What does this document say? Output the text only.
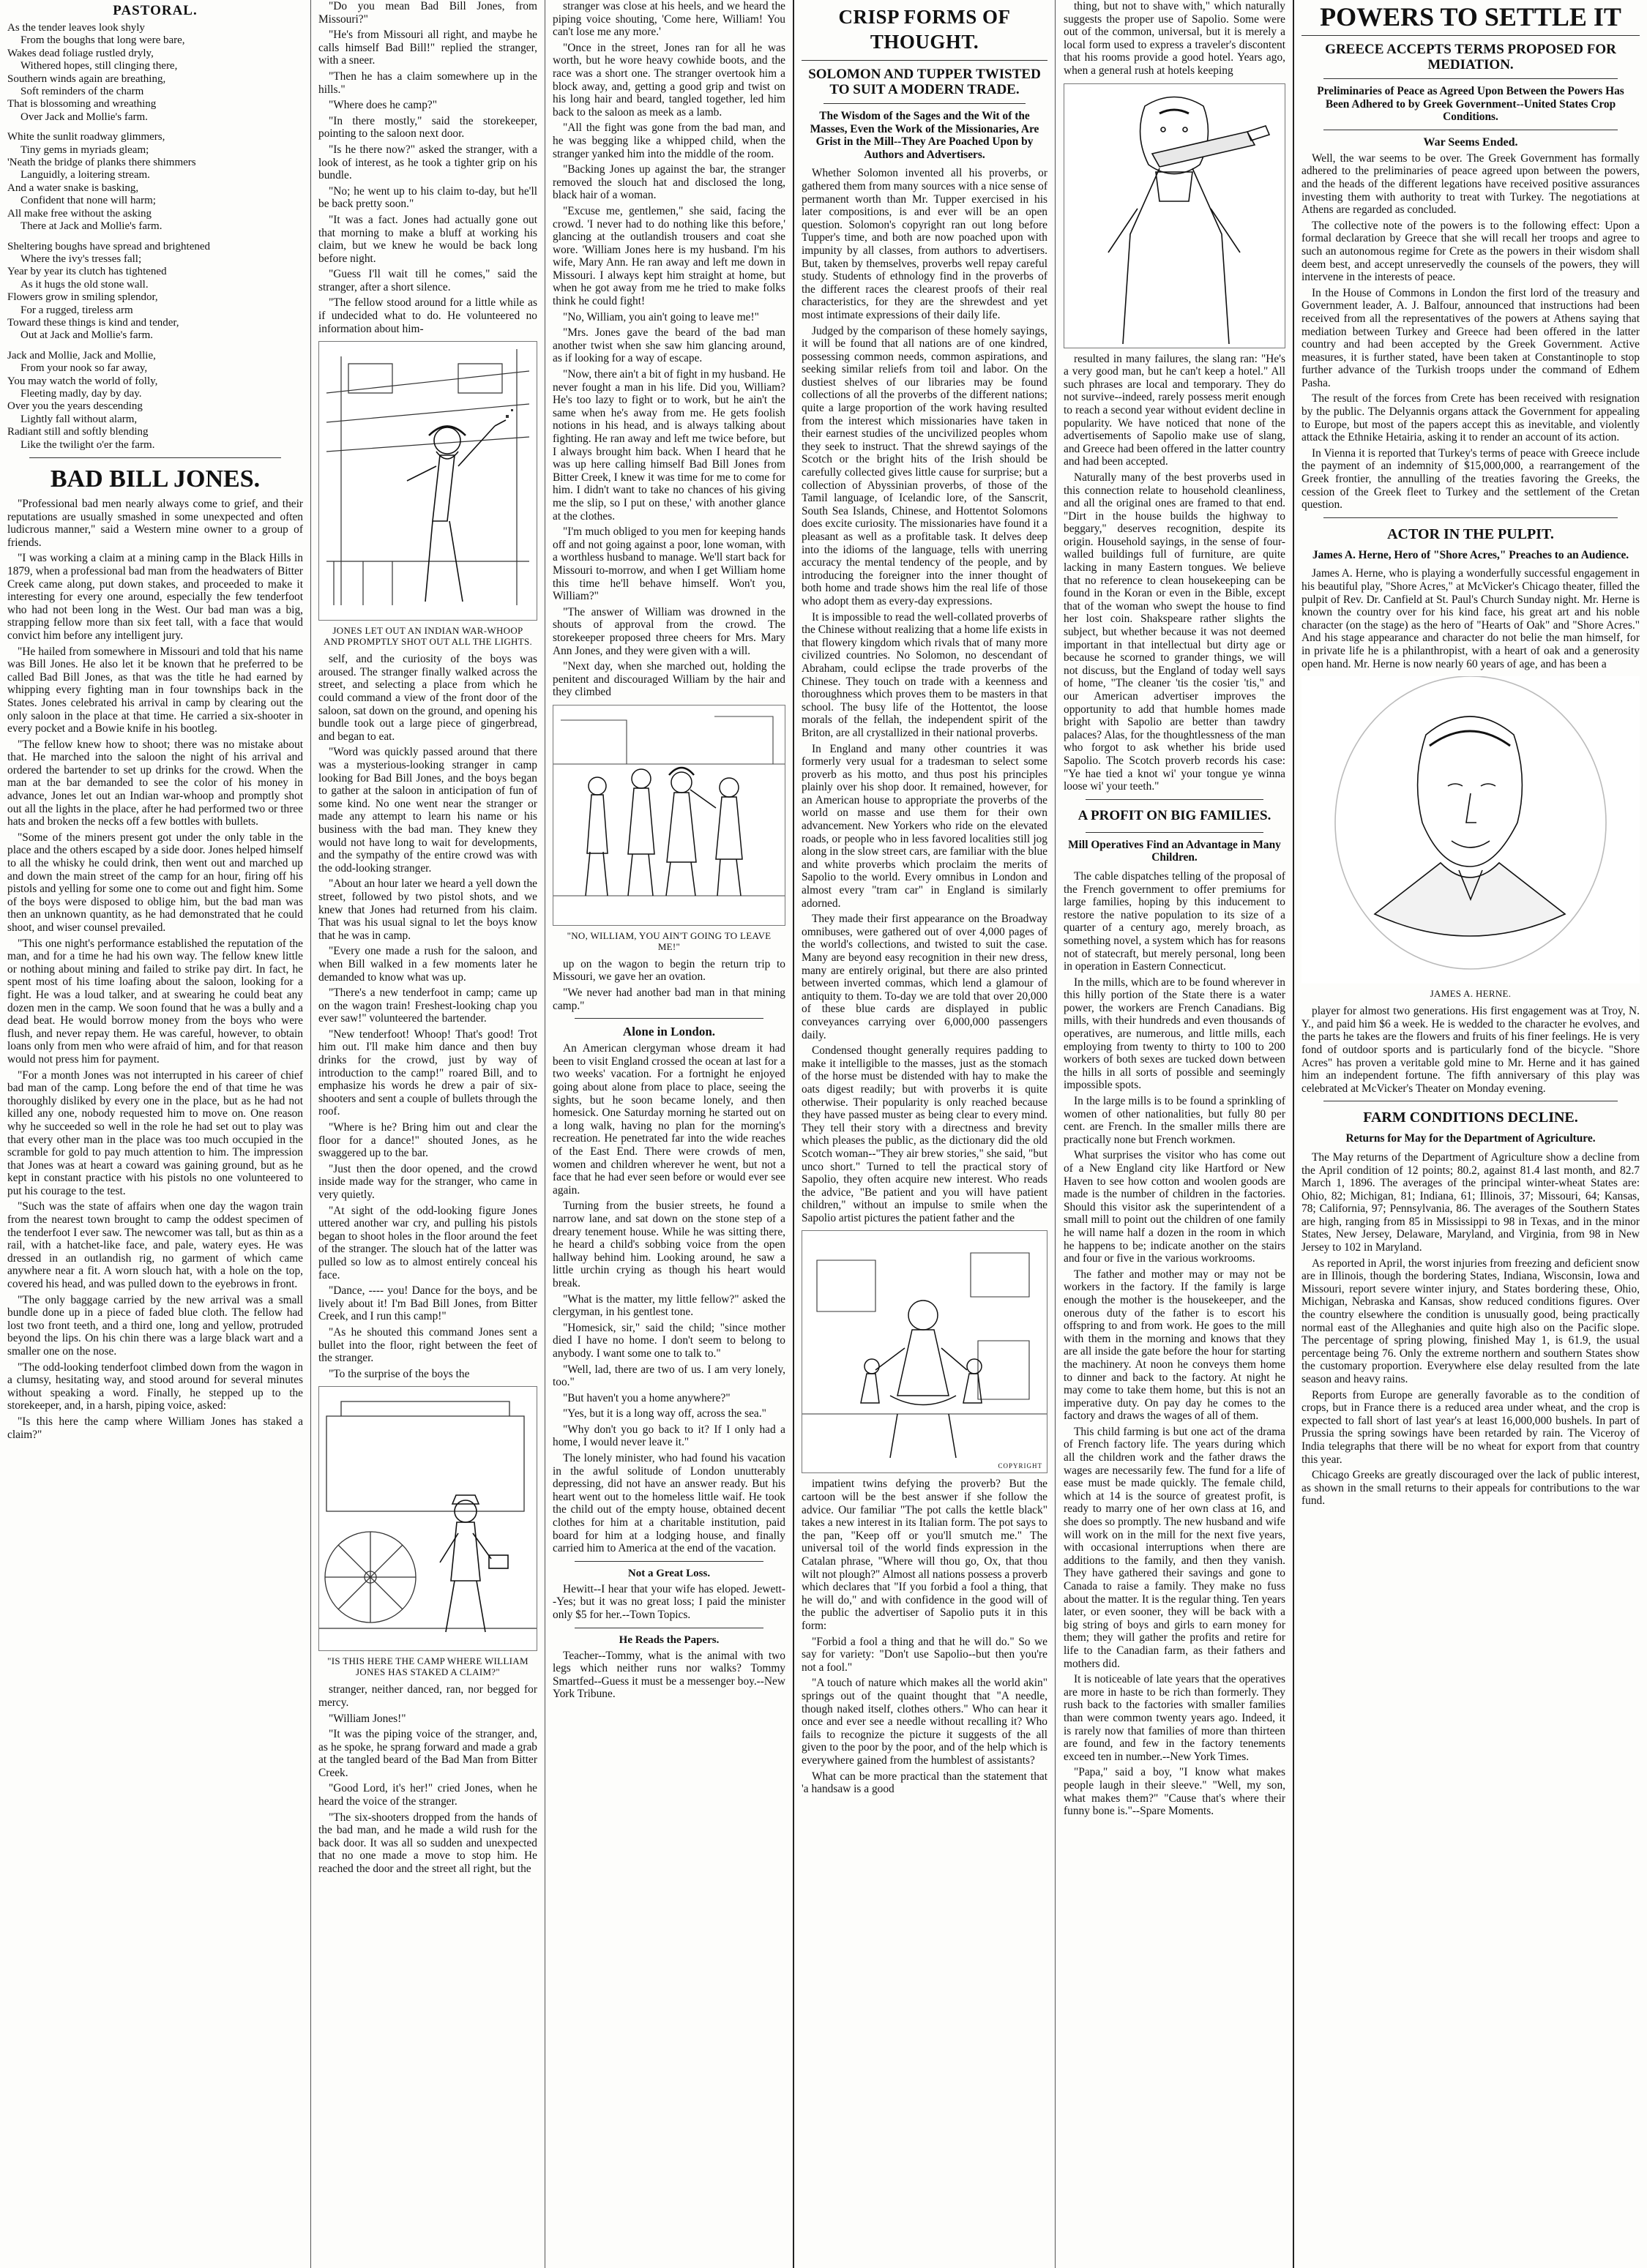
PASTORAL.
As the tender leaves look shyly
From the boughs that long were bare,
Wakes dead foliage rustled dryly,
Withered hopes, still clinging there,
Southern winds again are breathing,
Soft reminders of the charm
That is blossoming and wreathing
Over Jack and Mollie's farm.
White the sunlit roadway glimmers,
Tiny gems in myriads gleam;
'Neath the bridge of planks there shimmers
Languidly, a loitering stream.
And a water snake is basking,
Confident that none will harm;
All make free without the asking
There at Jack and Mollie's farm.
Sheltering boughs have spread and brightened
Where the ivy's tresses fall;
Year by year its clutch has tightened
As it hugs the old stone wall.
Flowers grow in smiling splendor,
For a rugged, tireless arm
Toward these things is kind and tender,
Out at Jack and Mollie's farm.
Jack and Mollie, Jack and Mollie,
From your nook so far away,
You may watch the world of folly,
Fleeting madly, day by day.
Over you the years descending
Lightly fall without alarm,
Radiant still and softly blending
Like the twilight o'er the farm.
BAD BILL JONES.

"Professional bad men nearly always come to grief, and their reputations are usually smashed in some unexpected and often ludicrous manner," said a Western mine owner to a group of friends.

"I was working a claim at a mining camp in the Black Hills in 1879, when a professional bad man from the headwaters of Bitter Creek came along, put down stakes, and proceeded to make it interesting for every one around, especially the few tenderfoot who had not been long in the West. Our bad man was a big, strapping fellow more than six feet tall, with a face that would convict him before any intelligent jury.

"He hailed from somewhere in Missouri and told that his name was Bill Jones. He also let it be known that he preferred to be called Bad Bill Jones, as that was the title he had earned by whipping every fighting man in four townships back in the States. Jones celebrated his arrival in camp by clearing out the only saloon in the place at that time. He carried a six-shooter in every pocket and a Bowie knife in his bootleg.

"The fellow knew how to shoot; there was no mistake about that. He marched into the saloon the night of his arrival and ordered the bartender to set up drinks for the crowd. When the man at the bar demanded to see the color of his money in advance, Jones let out an Indian war-whoop and promptly shot out all the lights in the place, after he had performed two or three hats and broken the necks off a few bottles with bullets.

"Some of the miners present got under the only table in the place and the others escaped by a side door. Jones helped himself to all the whisky he could drink, then went out and marched up and down the main street of the camp for an hour, firing off his pistols and yelling for some one to come out and fight him. Some of the boys were disposed to oblige him, but the bad man was then an unknown quantity, as he had demonstrated that he could shoot, and wiser counsel prevailed.

"This one night's performance established the reputation of the man, and for a time he had his own way. The fellow knew little or nothing about mining and failed to strike pay dirt. In fact, he spent most of his time loafing about the saloon, looking for a fight. He was a loud talker, and at swearing he could beat any dozen men in the camp. We soon found that he was a bully and a dead beat. He would borrow money from the boys who were flush, and never repay them. He was careful, however, to obtain loans only from men who were afraid of him, and for that reason would not press him for payment.

"For a month Jones was not interrupted in his career of chief bad man of the camp. Long before the end of that time he was thoroughly disliked by every one in the place, but as he had not killed any one, nobody requested him to move on. One reason why he succeeded so well in the role he had set out to play was that every other man in the place was too much occupied in the scramble for gold to pay much attention to him. The impression that Jones was at heart a coward was gaining ground, but as he kept in constant practice with his pistols no one volunteered to put his courage to the test.

"Such was the state of affairs when one day the wagon train from the nearest town brought to camp the oddest specimen of the tenderfoot I ever saw. The newcomer was tall, but as thin as a rail, with a hatchet-like face, and pale, watery eyes. He was dressed in an outlandish rig, no garment of which came anywhere near a fit. A worn slouch hat, with a hole on the top, covered his head, and was pulled down to the eyebrows in front.

"The only baggage carried by the new arrival was a small bundle done up in a piece of faded blue cloth. The fellow had lost two front teeth, and a third one, long and yellow, protruded beyond the lips. On his chin there was a large black wart and a smaller one on the nose.

"The odd-looking tenderfoot climbed down from the wagon in a clumsy, hesitating way, and stood around for several minutes without speaking a word. Finally, he stepped up to the storekeeper, and, in a harsh, piping voice, asked:

"Is this here the camp where William Jones has staked a claim?"

"Do you mean Bad Bill Jones, from Missouri?"

"He's from Missouri all right, and maybe he calls himself Bad Bill!" replied the stranger, with a sneer.

"Then he has a claim somewhere up in the hills."

"Where does he camp?"

"In there mostly," said the storekeeper, pointing to the saloon next door.

"Is he there now?" asked the stranger, with a look of interest, as he took a tighter grip on his bundle.

"No; he went up to his claim to-day, but he'll be back pretty soon."

"It was a fact. Jones had actually gone out that morning to make a bluff at working his claim, but we knew he would be back long before night.

"Guess I'll wait till he comes," said the stranger, after a short silence.

"The fellow stood around for a little while as if undecided what to do. He volunteered no information about him-

JONES LET OUT AN INDIAN WAR-WHOOP AND PROMPTLY SHOT OUT ALL THE LIGHTS.

self, and the curiosity of the boys was aroused. The stranger finally walked across the street, and selecting a place from which he could command a view of the front door of the saloon, sat down on the ground, and opening his bundle took out a large piece of gingerbread, and began to eat.

"Word was quickly passed around that there was a mysterious-looking stranger in camp looking for Bad Bill Jones, and the boys began to gather at the saloon in anticipation of fun of some kind. No one went near the stranger or made any attempt to learn his name or his business with the bad man. They knew they would not have long to wait for developments, and the sympathy of the entire crowd was with the odd-looking stranger.

"About an hour later we heard a yell down the street, followed by two pistol shots, and we knew that Jones had returned from his claim. That was his usual signal to let the boys know that he was in camp.

"Every one made a rush for the saloon, and when Bill walked in a few moments later he demanded to know what was up.

"There's a new tenderfoot in camp; came up on the wagon train! Freshest-looking chap you ever saw!" volunteered the bartender.

"New tenderfoot! Whoop! That's good! Trot him out. I'll make him dance and then buy drinks for the crowd, just by way of introduction to the camp!" roared Bill, and to emphasize his words he drew a pair of six-shooters and sent a couple of bullets through the roof.

"Where is he? Bring him out and clear the floor for a dance!" shouted Jones, as he swaggered up to the bar.

"Just then the door opened, and the crowd inside made way for the stranger, who came in very quietly.

"At sight of the odd-looking figure Jones uttered another war cry, and pulling his pistols began to shoot holes in the floor around the feet of the stranger. The slouch hat of the latter was pulled so low as to almost entirely conceal his face.

"Dance, ---- you! Dance for the boys, and be lively about it! I'm Bad Bill Jones, from Bitter Creek, and I run this camp!"

"As he shouted this command Jones sent a bullet into the floor, right between the feet of the stranger.

"To the surprise of the boys the

"IS THIS HERE THE CAMP WHERE WILLIAM JONES HAS STAKED A CLAIM?"

stranger, neither danced, ran, nor begged for mercy.

"William Jones!"

"It was the piping voice of the stranger, and, as he spoke, he sprang forward and made a grab at the tangled beard of the Bad Man from Bitter Creek.

"Good Lord, it's her!" cried Jones, when he heard the voice of the stranger.

"The six-shooters dropped from the hands of the bad man, and he made a wild rush for the back door. It was all so sudden and unexpected that no one made a move to stop him. He reached the door and the street all right, but the

stranger was close at his heels, and we heard the piping voice shouting, 'Come here, William! You can't lose me any more.'

"Once in the street, Jones ran for all he was worth, but he wore heavy cowhide boots, and the race was a short one. The stranger overtook him a block away, and, getting a good grip and twist on his long hair and beard, tangled together, led him back to the saloon as meek as a lamb.

"All the fight was gone from the bad man, and he was begging like a whipped child, when the stranger yanked him into the middle of the room.

"Backing Jones up against the bar, the stranger removed the slouch hat and disclosed the long, black hair of a woman.

"Excuse me, gentlemen," she said, facing the crowd. 'I never had to do nothing like this before,' glancing at the outlandish trousers and coat she wore. 'William Jones here is my husband. I'm his wife, Mary Ann. He ran away and left me down in Missouri. I always kept him straight at home, but when he got away from me he tried to make folks think he could fight!

"No, William, you ain't going to leave me!"

"Mrs. Jones gave the beard of the bad man another twist when she saw him glancing around, as if looking for a way of escape.

"Now, there ain't a bit of fight in my husband. He never fought a man in his life. Did you, William? He's too lazy to fight or to work, but he ain't the same when he's away from me. He gets foolish notions in his head, and is always talking about fighting. He ran away and left me twice before, but I always brought him back. When I heard that he was up here calling himself Bad Bill Jones from Bitter Creek, I knew it was time for me to come for him. I didn't want to take no chances of his giving me the slip, so I put on these,' with another glance at the clothes.

"I'm much obliged to you men for keeping hands off and not going against a poor, lone woman, with a worthless husband to manage. We'll start back for Missouri to-morrow, and when I get William home this time he'll behave himself. Won't you, William?"

"The answer of William was drowned in the shouts of approval from the crowd. The storekeeper proposed three cheers for Mrs. Mary Ann Jones, and they were given with a will.

"Next day, when she marched out, holding the penitent and discouraged William by the hair and they climbed

"NO, WILLIAM, YOU AIN'T GOING TO LEAVE ME!"

up on the wagon to begin the return trip to Missouri, we gave her an ovation.

"We never had another bad man in that mining camp."

Alone in London.

An American clergyman whose dream it had been to visit England crossed the ocean at last for a two weeks' vacation. For a fortnight he enjoyed going about alone from place to place, seeing the sights, but he soon became lonely, and then homesick. One Saturday morning he started out on a long walk, having no plan for the morning's recreation. He penetrated far into the wide reaches of the East End. There were crowds of men, women and children wherever he went, but not a face that he had ever seen before or would ever see again.

Turning from the busier streets, he found a narrow lane, and sat down on the stone step of a dreary tenement house. While he was sitting there, he heard a child's sobbing voice from the open hallway behind him. Looking around, he saw a little urchin crying as though his heart would break.

"What is the matter, my little fellow?" asked the clergyman, in his gentlest tone.

"Homesick, sir," said the child; "since mother died I have no home. I don't seem to belong to anybody. I want some one to talk to."

"Well, lad, there are two of us. I am very lonely, too."

"But haven't you a home anywhere?"

"Yes, but it is a long way off, across the sea."

"Why don't you go back to it? If I only had a home, I would never leave it."

The lonely minister, who had found his vacation in the awful solitude of London unutterably depressing, did not have an answer ready. But his heart went out to the homeless little waif. He took the child out of the empty house, obtained decent clothes for him at a charitable institution, paid board for him at a lodging house, and finally carried him to America at the end of the vacation.

Not a Great Loss.

Hewitt--I hear that your wife has eloped. Jewett--Yes; but it was no great loss; I paid the minister only $5 for her.--Town Topics.

He Reads the Papers.

Teacher--Tommy, what is the animal with two legs which neither runs nor walks? Tommy Smartfed--Guess it must be a messenger boy.--New York Tribune.

CRISP FORMS OF THOUGHT.
SOLOMON AND TUPPER TWISTED TO SUIT A MODERN TRADE.
The Wisdom of the Sages and the Wit of the Masses, Even the Work of the Missionaries, Are Grist in the Mill--They Are Poached Upon by Authors and Advertisers.

Whether Solomon invented all his proverbs, or gathered them from many sources with a nice sense of permanent worth than Mr. Tupper exercised in his later compositions, is and ever will be an open question. Solomon's copyright ran out long before Tupper's time, and both are now poached upon with impunity by all classes, from authors to advertisers. But, taken by themselves, proverbs well repay careful study. Students of ethnology find in the proverbs of the different races the clearest proofs of their real characteristics, for they are the shrewdest and yet most intimate expressions of their daily life.

Judged by the comparison of these homely sayings, it will be found that all nations are of one kindred, possessing common needs, common aspirations, and seeking similar reliefs from toil and labor. On the dustiest shelves of our libraries may be found collections of all the proverbs of the different nations; quite a large proportion of the work having resulted from the interest which missionaries have taken in their earnest studies of the uncivilized peoples whom they seek to instruct. That the shrewd sayings of the Scotch or the bright hits of the Irish should be carefully collected gives little cause for surprise; but a collection of Abyssinian proverbs, of those of the Tamil language, of Icelandic lore, of the Sanscrit, South Sea Islands, Chinese, and Hottentot Solomons does excite curiosity. The missionaries have found it a pleasant as well as a profitable task. It delves deep into the idioms of the language, tells with unerring accuracy the mental tendency of the people, and by introducing the foreigner into the inner thought of both home and trade shows him the real life of those who adopt them as every-day expressions.

It is impossible to read the well-collated proverbs of the Chinese without realizing that a home life exists in that flowery kingdom which rivals that of many more civilized countries. No Solomon, no descendant of Abraham, could eclipse the trade proverbs of the Chinese. They touch on trade with a keenness and thoroughness which proves them to be masters in that school. The busy life of the Hottentot, the loose morals of the fellah, the independent spirit of the Briton, are all crystallized in their national proverbs.

In England and many other countries it was formerly very usual for a tradesman to select some proverb as his motto, and thus post his principles plainly over his shop door. It remained, however, for an American house to appropriate the proverbs of the world on masse and use them for their own advancement. New Yorkers who ride on the elevated roads, or people who in less favored localities still jog along in the slow street cars, are familiar with the blue and white proverbs which proclaim the merits of Sapolio to the world. Every omnibus in London and almost every "tram car" in England is similarly adorned.

They made their first appearance on the Broadway omnibuses, were gathered out of over 4,000 pages of the world's collections, and twisted to suit the case. Many are beyond easy recognition in their new dress, many are entirely original, but there are also printed between inverted commas, which lend a glamour of antiquity to them. To-day we are told that over 20,000 of these blue cards are displayed in public conveyances carrying over 6,000,000 passengers daily.

Condensed thought generally requires padding to make it intelligible to the masses, just as the stomach of the horse must be distended with hay to make the oats digest readily; but with proverbs it is quite otherwise. Their popularity is only reached because they have passed muster as being clear to every mind. They tell their story with a directness and brevity which pleases the public, as the dictionary did the old Scotch woman--"They air brew stories," she said, "but unco short." Turned to tell the practical story of Sapolio, they often acquire new interest. Who reads the advice, "Be patient and you will have patient children," without an impulse to smile when the Sapolio artist pictures the patient father and the

COPYRIGHT

impatient twins defying the proverb? But the cartoon will be the best answer if she follow the advice. Our familiar "The pot calls the kettle black" takes a new interest in its Italian form. The pot says to the pan, "Keep off or you'll smutch me." The universal toil of the world finds expression in the Catalan phrase, "Where will thou go, Ox, that thou wilt not plough?" Almost all nations possess a proverb which declares that "If you forbid a fool a thing, that he will do," and with confidence in the good will of the public the advertiser of Sapolio puts it in this form:

"Forbid a fool a thing and that he will do." So we say for variety: "Don't use Sapolio--but then you're not a fool."

"A touch of nature which makes all the world akin" springs out of the quaint thought that "A needle, though naked itself, clothes others." Who can hear it once and ever see a needle without recalling it? Who fails to recognize the picture it suggests of the all given to the poor by the poor, and of the help which is everywhere gained from the humblest of assistants?

What can be more practical than the statement that 'a handsaw is a good

thing, but not to shave with," which naturally suggests the proper use of Sapolio. Some were out of the common, universal, but it is merely a local form used to express a traveler's discontent that his rooms provide a good hotel. Years ago, when a general rush at hotels keeping

resulted in many failures, the slang ran: "He's a very good man, but he can't keep a hotel." All such phrases are local and temporary. They do not survive--indeed, rarely possess merit enough to reach a second year without evident decline in popularity. We have noticed that none of the advertisements of Sapolio make use of slang, and Greece had been offered in the latter country and had been accepted.

Naturally many of the best proverbs used in this connection relate to household cleanliness, and all the original ones are framed to that end. "Dirt in the house builds the highway to beggary," deserves recognition, despite its origin. Household sayings, in the sense of four-walled buildings full of furniture, are quite lacking in many Eastern tongues. We believe that no reference to clean housekeeping can be found in the Koran or even in the Bible, except that of the woman who swept the house to find her lost coin. Shakspeare rather slights the subject, but whether because it was not deemed important in that intellectual but dirty age or because he scorned to grander things, we will not discuss, but the England of today well says of home, "The cleaner 'tis the cosier 'tis," and our American advertiser improves the opportunity to add that humble homes made bright with Sapolio are better than tawdry palaces? Alas, for the thoughtlessness of the man who forgot to ask whether his bride used Sapolio. The Scotch proverb records his case: "Ye hae tied a knot wi' your tongue ye winna loose wi' your teeth."

A PROFIT ON BIG FAMILIES.
Mill Operatives Find an Advantage in Many Children.

The cable dispatches telling of the proposal of the French government to offer premiums for large families, hoping by this inducement to restore the native population to its size of a quarter of a century ago, merely broach, as something novel, a system which has for reasons not of statecraft, but merely personal, long been in operation in Eastern Connecticut.

In the mills, which are to be found wherever in this hilly portion of the State there is a water power, the workers are French Canadians. Big mills, with their hundreds and even thousands of operatives, are numerous, and little mills, each employing from twenty to thirty to 100 to 200 workers of both sexes are tucked down between the hills in all sorts of possible and seemingly impossible spots.

In the large mills is to be found a sprinkling of women of other nationalities, but fully 80 per cent. are French. In the smaller mills there are practically none but French workmen.

What surprises the visitor who has come out of a New England city like Hartford or New Haven to see how cotton and woolen goods are made is the number of children in the factories. Should this visitor ask the superintendent of a small mill to point out the children of one family he will name half a dozen in the room in which he happens to be; indicate another on the stairs and four or five in the various workrooms.

The father and mother may or may not be workers in the factory. If the family is large enough the mother is the housekeeper, and the onerous duty of the father is to escort his offspring to and from work. He goes to the mill with them in the morning and knows that they are all inside the gate before the hour for starting the machinery. At noon he conveys them home to dinner and back to the factory. At night he may come to take them home, but this is not an imperative duty. On pay day he comes to the factory and draws the wages of all of them.

This child farming is but one act of the drama of French factory life. The years during which all the children work and the father draws the wages are necessarily few. The fund for a life of ease must be made quickly. The female child, which at 14 is the source of greatest profit, is ready to marry one of her own class at 16, and she does so promptly. The new husband and wife will work on in the mill for the next five years, with occasional interruptions when there are additions to the family, and then they vanish. They have gathered their savings and gone to Canada to raise a family. They make no fuss about the matter. It is the regular thing. Ten years later, or even sooner, they will be back with a big string of boys and girls to earn money for them; they will gather the profits and retire for life to the Canadian farm, as their fathers and mothers did.

It is noticeable of late years that the operatives are more in haste to be rich than formerly. They rush back to the factories with smaller families than were common twenty years ago. Indeed, it is rarely now that families of more than thirteen are found, and few in the factory tenements exceed ten in number.--New York Times.

"Papa," said a boy, "I know what makes people laugh in their sleeve." "Well, my son, what makes them?" "Cause that's where their funny bone is."--Spare Moments.

POWERS TO SETTLE IT
GREECE ACCEPTS TERMS PROPOSED FOR MEDIATION.
Preliminaries of Peace as Agreed Upon Between the Powers Has Been Adhered to by Greek Government--United States Crop Conditions.
War Seems Ended.

Well, the war seems to be over. The Greek Government has formally adhered to the preliminaries of peace agreed upon between the powers, and the heads of the different legations have received positive assurances investing them with authority to treat with Turkey. The negotiations at Athens are regarded as concluded.

The collective note of the powers is to the following effect: Upon a formal declaration by Greece that she will recall her troops and agree to such an autonomous regime for Crete as the powers in their wisdom shall deem best, and accept unreservedly the counsels of the powers, they will intervene in the interests of peace.

In the House of Commons in London the first lord of the treasury and Government leader, A. J. Balfour, announced that instructions had been received from all the representatives of the powers at Athens saying that mediation between Turkey and Greece had been offered in the latter country and had been accepted by the Greek Government. Active measures, it is further stated, have been taken at Constantinople to stop further advance of the Turkish troops under the command of Edhem Pasha.

The result of the forces from Crete has been received with resignation by the public. The Delyannis organs attack the Government for appealing to Europe, but most of the papers accept this as inevitable, and violently attack the Ethnike Hetairia, asking it to render an account of its action.

In Vienna it is reported that Turkey's terms of peace with Greece include the payment of an indemnity of $15,000,000, a rearrangement of the Greek frontier, the annulling of the treaties favoring the Greeks, the cession of the Greek fleet to Turkey and the settlement of the Cretan question.

ACTOR IN THE PULPIT.
James A. Herne, Hero of "Shore Acres," Preaches to an Audience.

James A. Herne, who is playing a wonderfully successful engagement in his beautiful play, "Shore Acres," at McVicker's Chicago theater, filled the pulpit of Rev. Dr. Canfield at St. Paul's Church Sunday night. Mr. Herne is known the country over for his kind face, his great art and his noble character (on the stage) as the hero of "Hearts of Oak" and "Shore Acres." And his stage appearance and character do not belie the man himself, for in private life he is a philanthropist, with a heart of oak and a generosity open hand. Mr. Herne is now nearly 60 years of age, and has been a

JAMES A. HERNE.

player for almost two generations. His first engagement was at Troy, N. Y., and paid him $6 a week. He is wedded to the character he evolves, and the parts he takes are the flowers and fruits of his finer feelings. He is very fond of outdoor sports and is particularly fond of the bicycle. "Shore Acres" has proven a veritable gold mine to Mr. Herne and it has gained him an independent fortune. The fifth anniversary of this play was celebrated at McVicker's Theater on Monday evening.

FARM CONDITIONS DECLINE.
Returns for May for the Department of Agriculture.

The May returns of the Department of Agriculture show a decline from the April condition of 12 points; 80.2, against 81.4 last month, and 82.7 March 1, 1896. The averages of the principal winter-wheat States are: Ohio, 82; Michigan, 81; Indiana, 61; Illinois, 37; Missouri, 64; Kansas, 78; California, 97; Pennsylvania, 86. The averages of the Southern States are high, ranging from 85 in Mississippi to 98 in Texas, and in the minor States, New Jersey, Delaware, Maryland, and Virginia, from 98 in New Jersey to 102 in Maryland.

As reported in April, the worst injuries from freezing and deficient snow are in Illinois, though the bordering States, Indiana, Wisconsin, Iowa and Missouri, report severe winter injury, and States bordering these, Ohio, Michigan, Nebraska and Kansas, show reduced conditions figures. Over the country elsewhere the condition is unusually good, being practically normal east of the Alleghanies and quite high also on the Pacific slope. The percentage of spring plowing, finished May 1, is 61.9, the usual percentage being 76. Only the extreme northern and southern States show the customary proportion. Everywhere else delay resulted from the late season and heavy rains.

Reports from Europe are generally favorable as to the condition of crops, but in France there is a reduced area under wheat, and the crop is expected to fall short of last year's at least 16,000,000 bushels. In part of Prussia the spring sowings have been retarded by rain. The Viceroy of India telegraphs that there will be no wheat for export from that country this year.

Chicago Greeks are greatly discouraged over the lack of public interest, as shown in the small returns to their appeals for contributions to the war fund.
